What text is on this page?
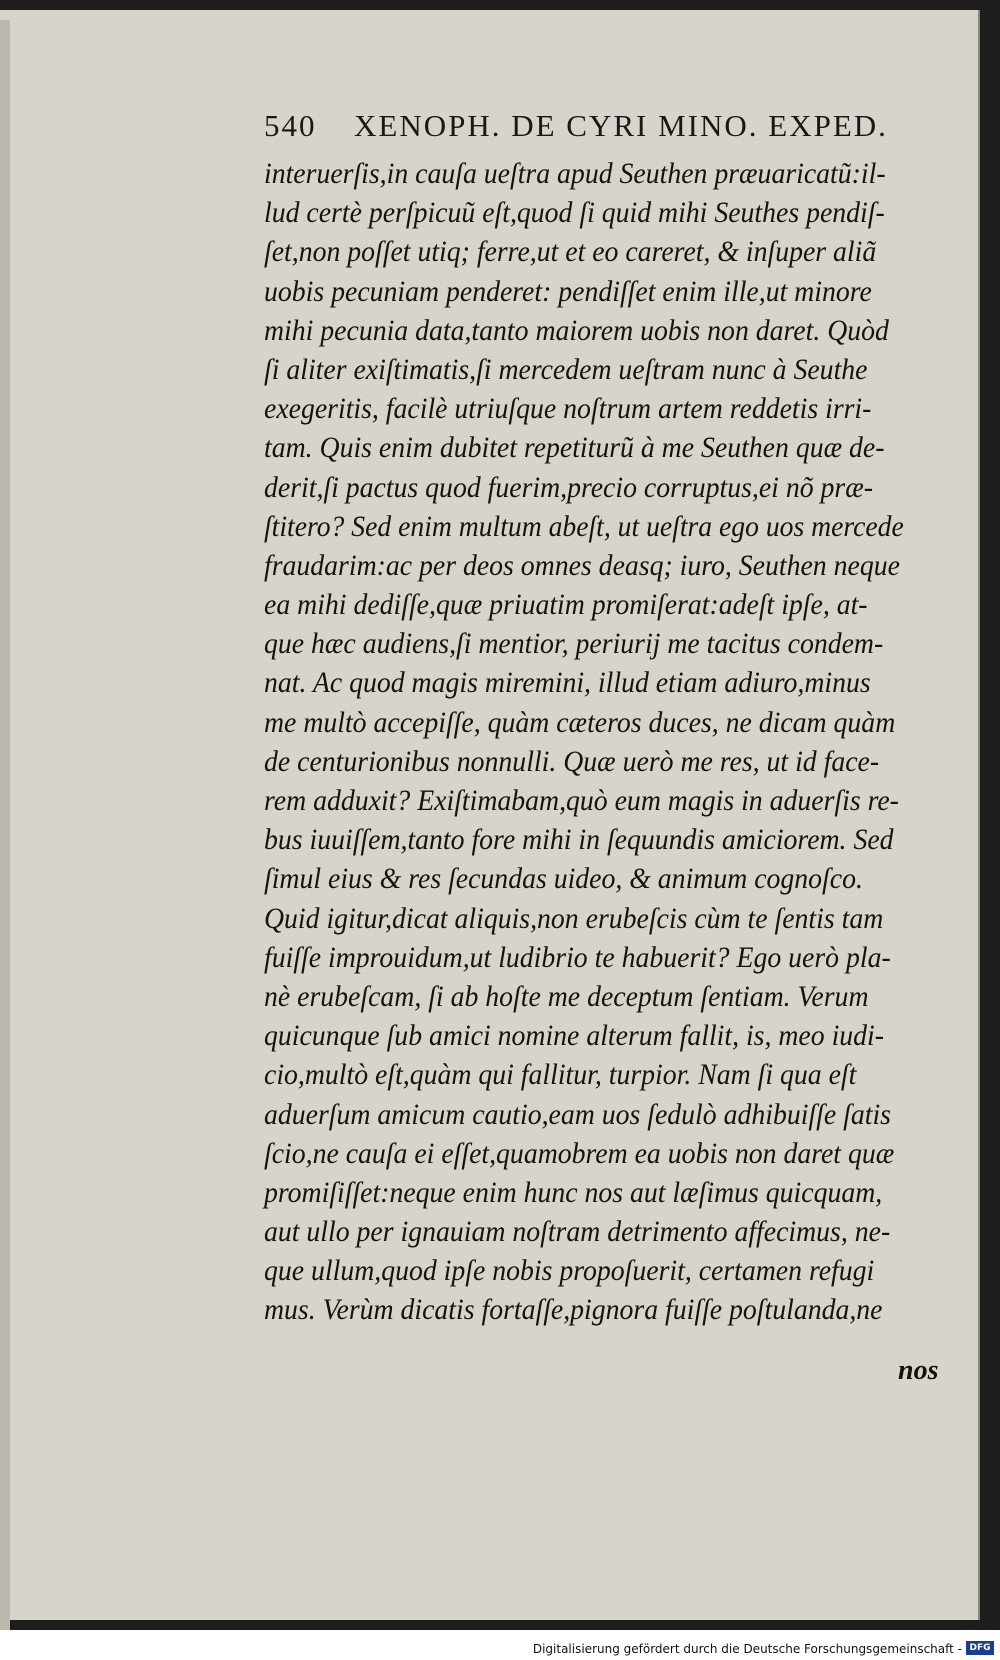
540 XENOPH. DE CYRI MINO. EXPED.
interuerſis,in cauſa ueſtra apud Seuthen præuaricatũ:il-
lud certè perſpicuũ eſt,quod ſi quid mihi Seuthes pendiſ-
ſet,non poſſet utiq; ferre,ut et eo careret, & inſuper aliã
uobis pecuniam penderet: pendiſſet enim ille,ut minore
mihi pecunia data,tanto maiorem uobis non daret. Quòd
ſi aliter exiſtimatis,ſi mercedem ueſtram nunc à Seuthe
exegeritis, facilè utriuſque noſtrum artem reddetis irri-
tam. Quis enim dubitet repetiturũ à me Seuthen quæ de-
derit,ſi pactus quod fuerim,precio corruptus,ei nõ præ-
ſtitero? Sed enim multum abeſt, ut ueſtra ego uos mercede
fraudarim:ac per deos omnes deasq; iuro, Seuthen neque
ea mihi dediſſe,quæ priuatim promiſerat:adeſt ipſe, at-
que hæc audiens,ſi mentior, periurij me tacitus condem-
nat. Ac quod magis miremini, illud etiam adiuro,minus
me multò accepiſſe, quàm cæteros duces, ne dicam quàm
de centurionibus nonnulli. Quæ uerò me res, ut id face-
rem adduxit? Exiſtimabam,quò eum magis in aduerſis re-
bus iuuiſſem,tanto fore mihi in ſequundis amiciorem. Sed
ſimul eius & res ſecundas uideo, & animum cognoſco.
Quid igitur,dicat aliquis,non erubeſcis cùm te ſentis tam
fuiſſe improuidum,ut ludibrio te habuerit? Ego uerò pla-
nè erubeſcam, ſi ab hoſte me deceptum ſentiam. Verum
quicunque ſub amici nomine alterum fallit, is, meo iudi-
cio,multò eſt,quàm qui fallitur, turpior. Nam ſi qua eſt
aduerſum amicum cautio,eam uos ſedulò adhibuiſſe ſatis
ſcio,ne cauſa ei eſſet,quamobrem ea uobis non daret quæ
promiſiſſet:neque enim hunc nos aut læſimus quicquam,
aut ullo per ignauiam noſtram detrimento affecimus, ne-
que ullum,quod ipſe nobis propoſuerit, certamen refugi
mus. Verùm dicatis fortaſſe,pignora fuiſſe poſtulanda,ne
nos
Digitalisierung gefördert durch die Deutsche Forschungsgemeinschaft - DFG
